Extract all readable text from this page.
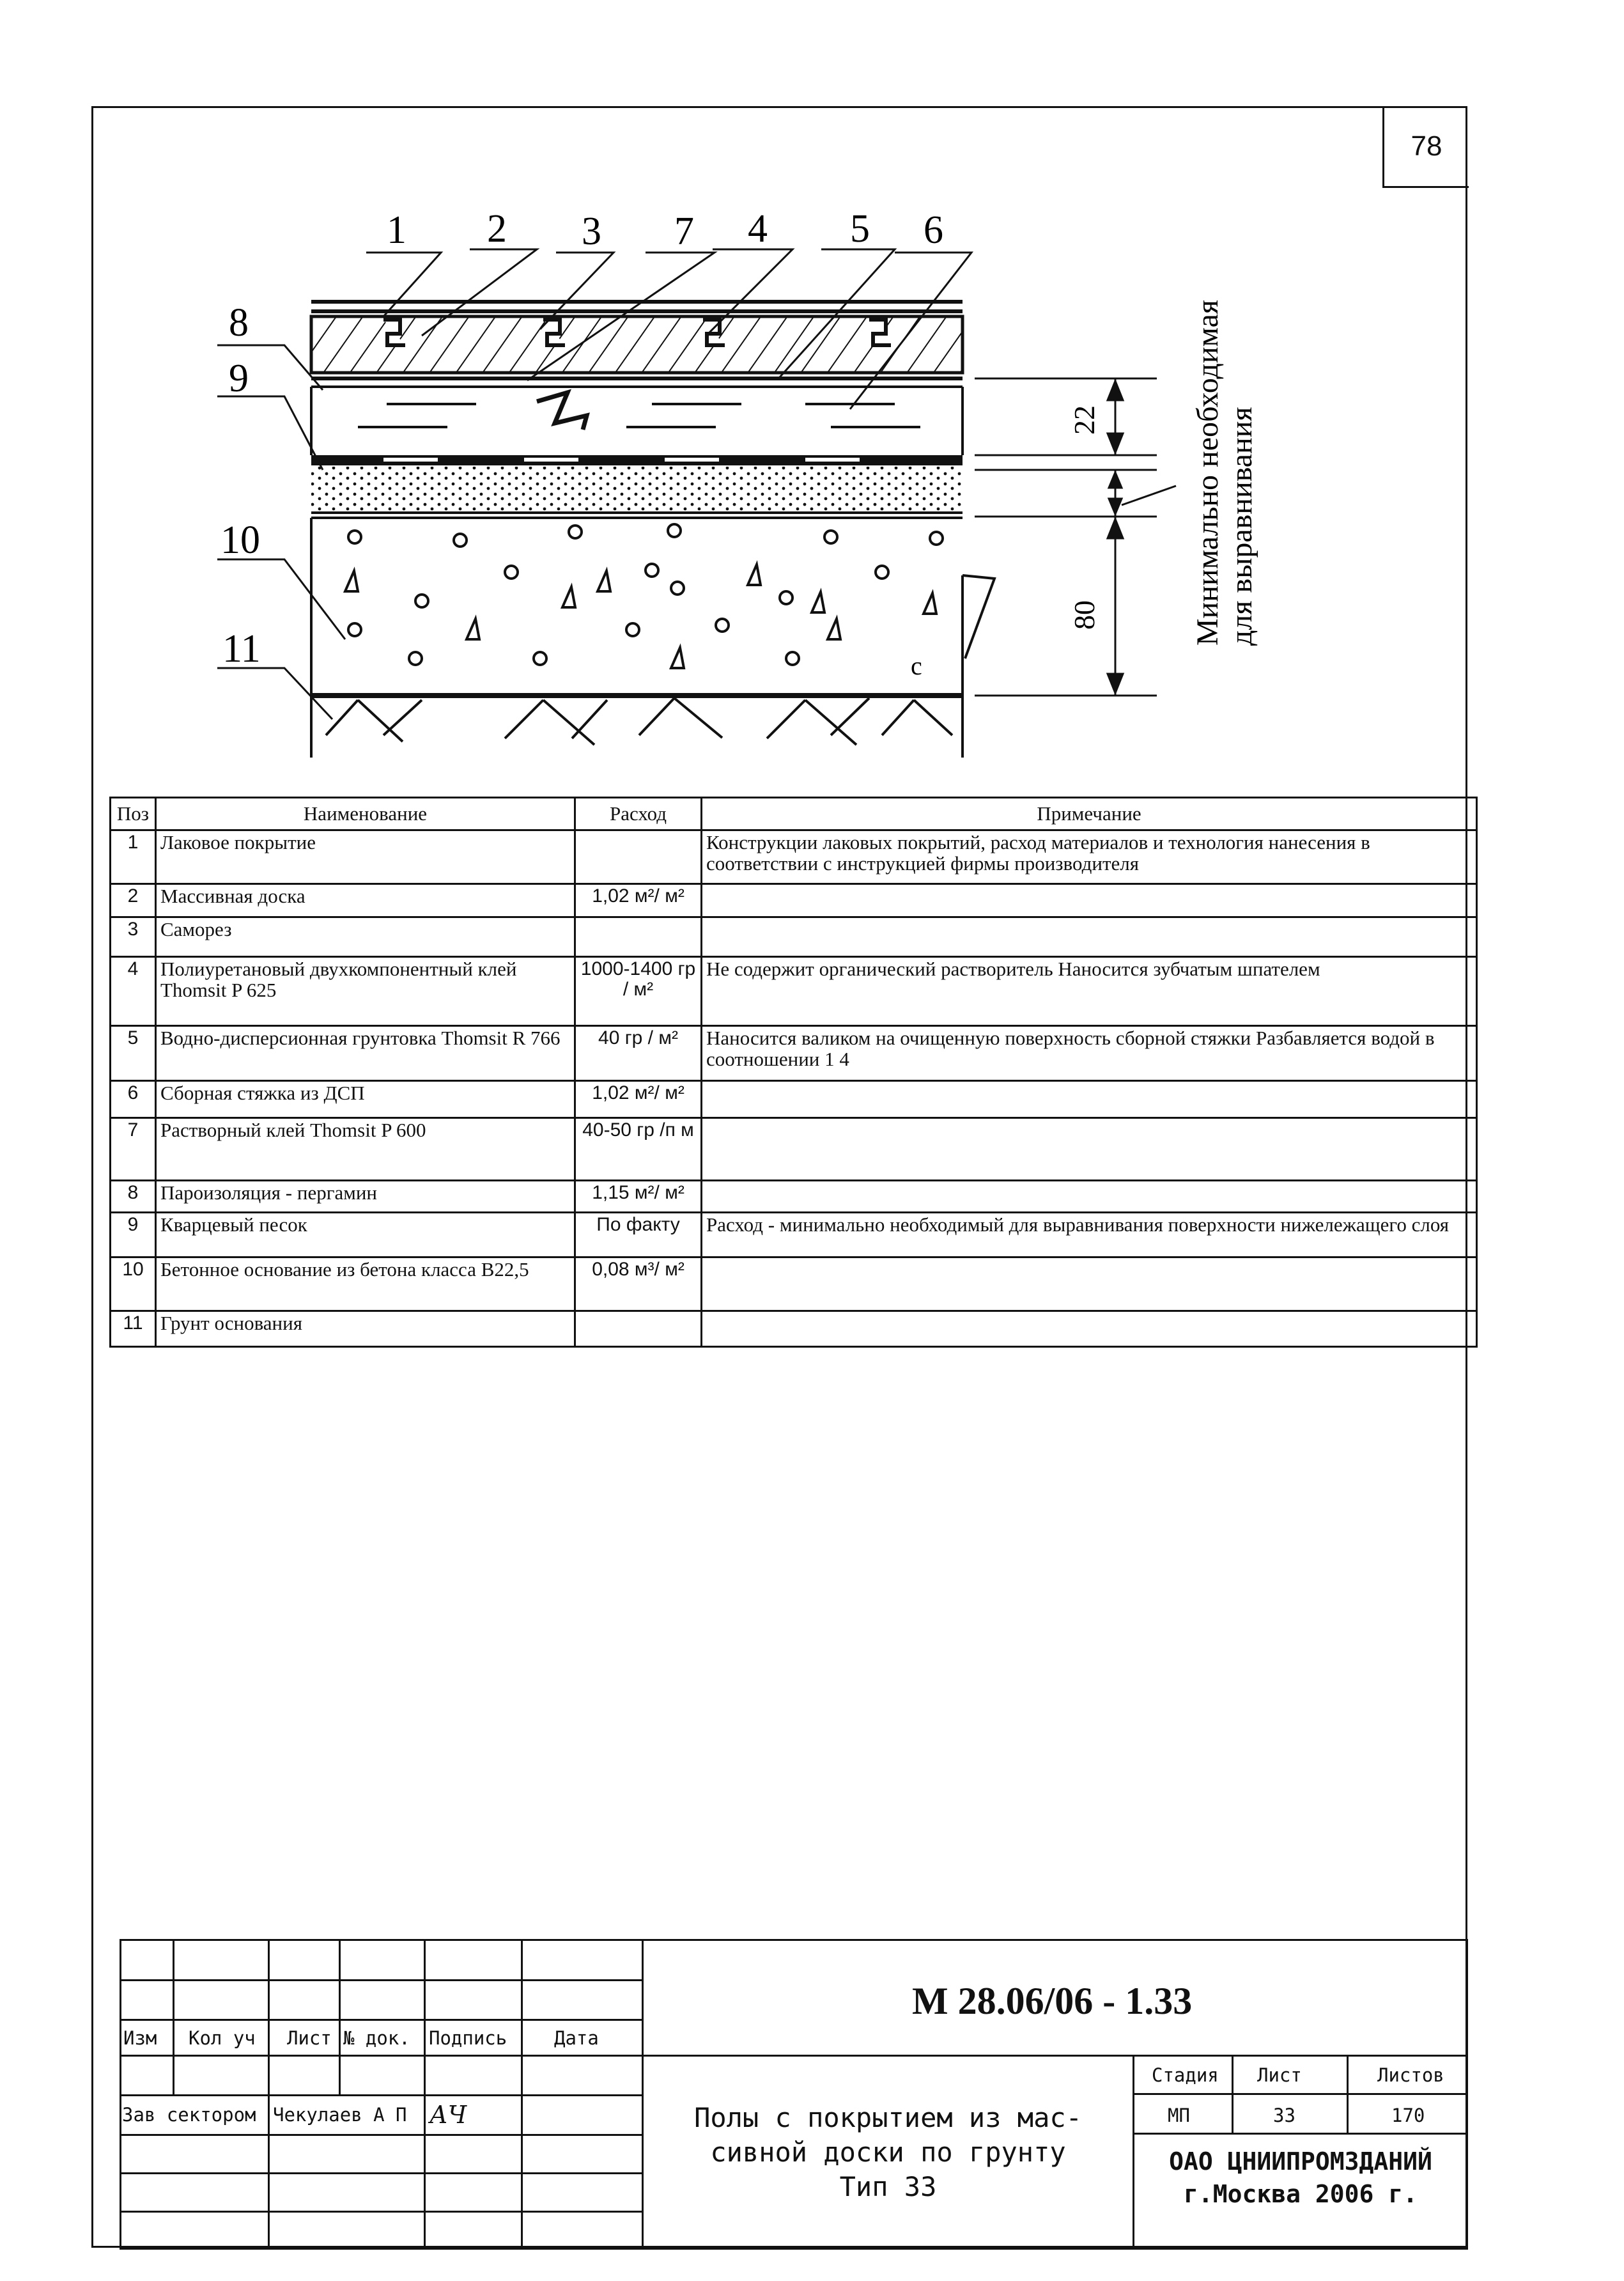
78
с
1 2 3 7 4 5 6
8
9
10
11
22
80	Минимально необходимая для выравнивания
Поз	Наименование	Расход	Примечание
1	Лаковое покрытие		Конструкции лаковых покрытий, расход материалов и технология нанесения в соответствии с инструкцией фирмы производителя
2	Массивная доска	1,02 м²/ м²	
3	Саморез		
4	Полиуретановый двухкомпонентный клей Thomsit P 625	1000-1400 гр / м²	Не содержит органический растворитель Наносится зубчатым шпателем
5	Водно-дисперсионная грунтовка Thomsit R 766	40 гр / м²	Наносится валиком на очищенную поверхность сборной стяжки Разбавляется водой в соотношении 1 4
6	Сборная стяжка из ДСП	1,02 м²/ м²	
7	Растворный клей Thomsit P 600	40-50 гр /п м	
8	Пароизоляция - пергамин	1,15 м²/ м²	
9	Кварцевый песок	По факту	Расход - минимально необходимый для выравнивания поверхности нижележащего слоя
10	Бетонное основание из бетона класса B22,5	0,08 м³/ м²	
11	Грунт основания		
Изм Кол уч Лист № док. Подпись	Дата
Зав сектором Чекулаев А П АЧ
М 28.06/06 - 1.33
Полы с покрытием из мас-
сивной доски по грунту
Тип 33
Стадия Лист	Листов
МП	33	170
ОАО ЦНИИПРОМЗДАНИЙ
г.Москва 2006 г.
